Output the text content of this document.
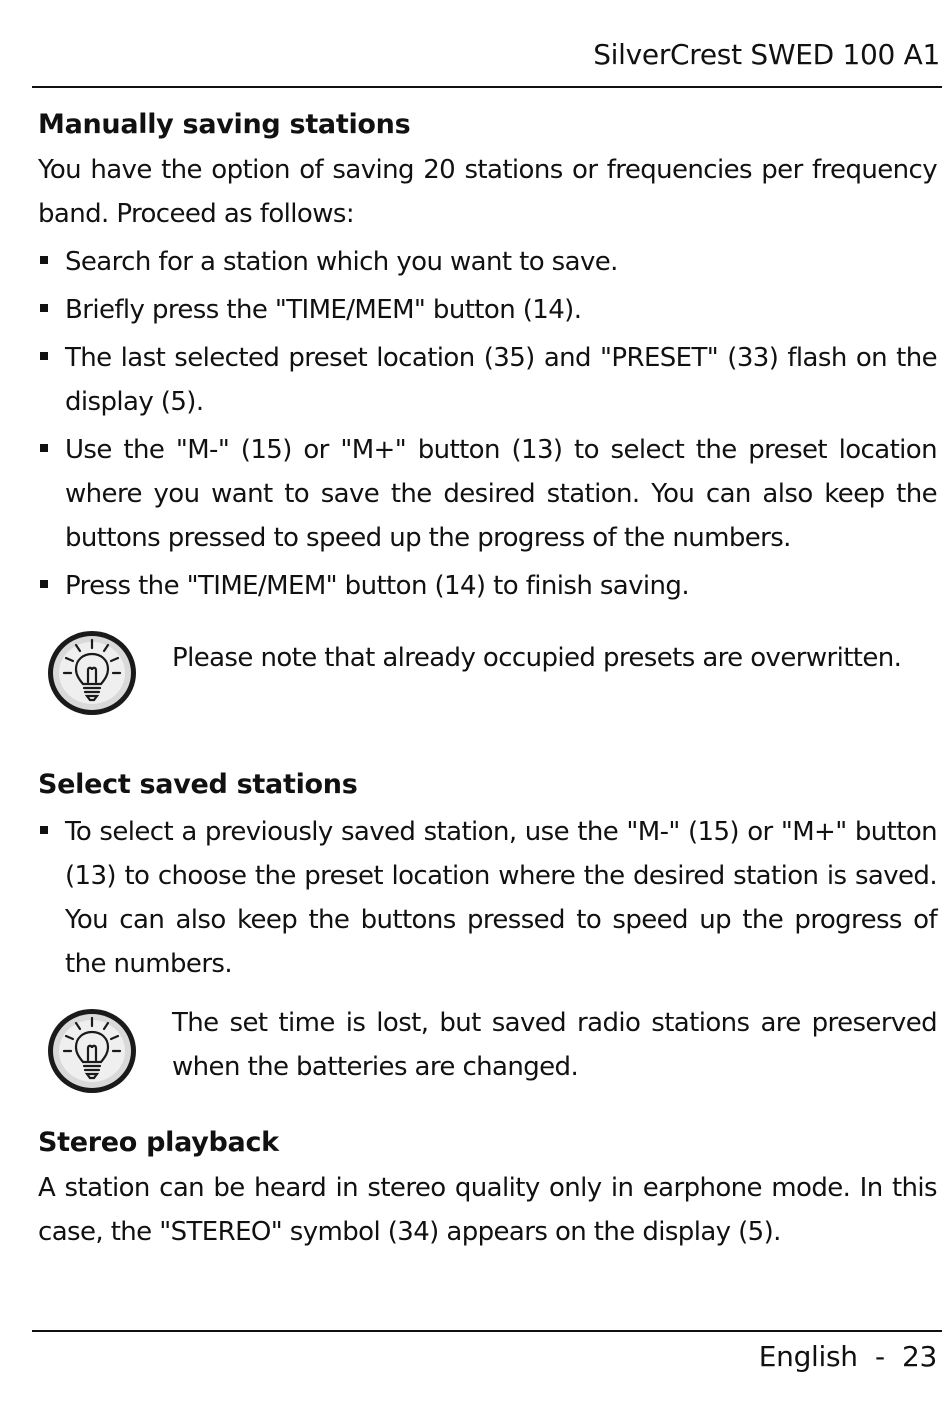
SilverCrest SWED 100 A1
Manually saving stations

You have the option of saving 20 stations or frequencies per frequency band. Proceed as follows:

Search for a station which you want to save.
Briefly press the "TIME/MEM" button (14).
The last selected preset location (35) and "PRESET" (33) flash on the display (5).
Use the "M-" (15) or "M+" button (13) to select the preset location where you want to save the desired station. You can also keep the buttons pressed to speed up the progress of the numbers.
Press the "TIME/MEM" button (14) to finish saving.
Please note that already occupied presets are overwritten.
Select saved stations
To select a previously saved station, use the "M-" (15) or "M+" button (13) to choose the preset location where the desired station is saved. You can also keep the buttons pressed to speed up the progress of the numbers.
The set time is lost, but saved radio stations are preserved when the batteries are changed.
Stereo playback

A station can be heard in stereo quality only in earphone mode. In this case, the "STEREO" symbol (34) appears on the display (5).

English  -  23
